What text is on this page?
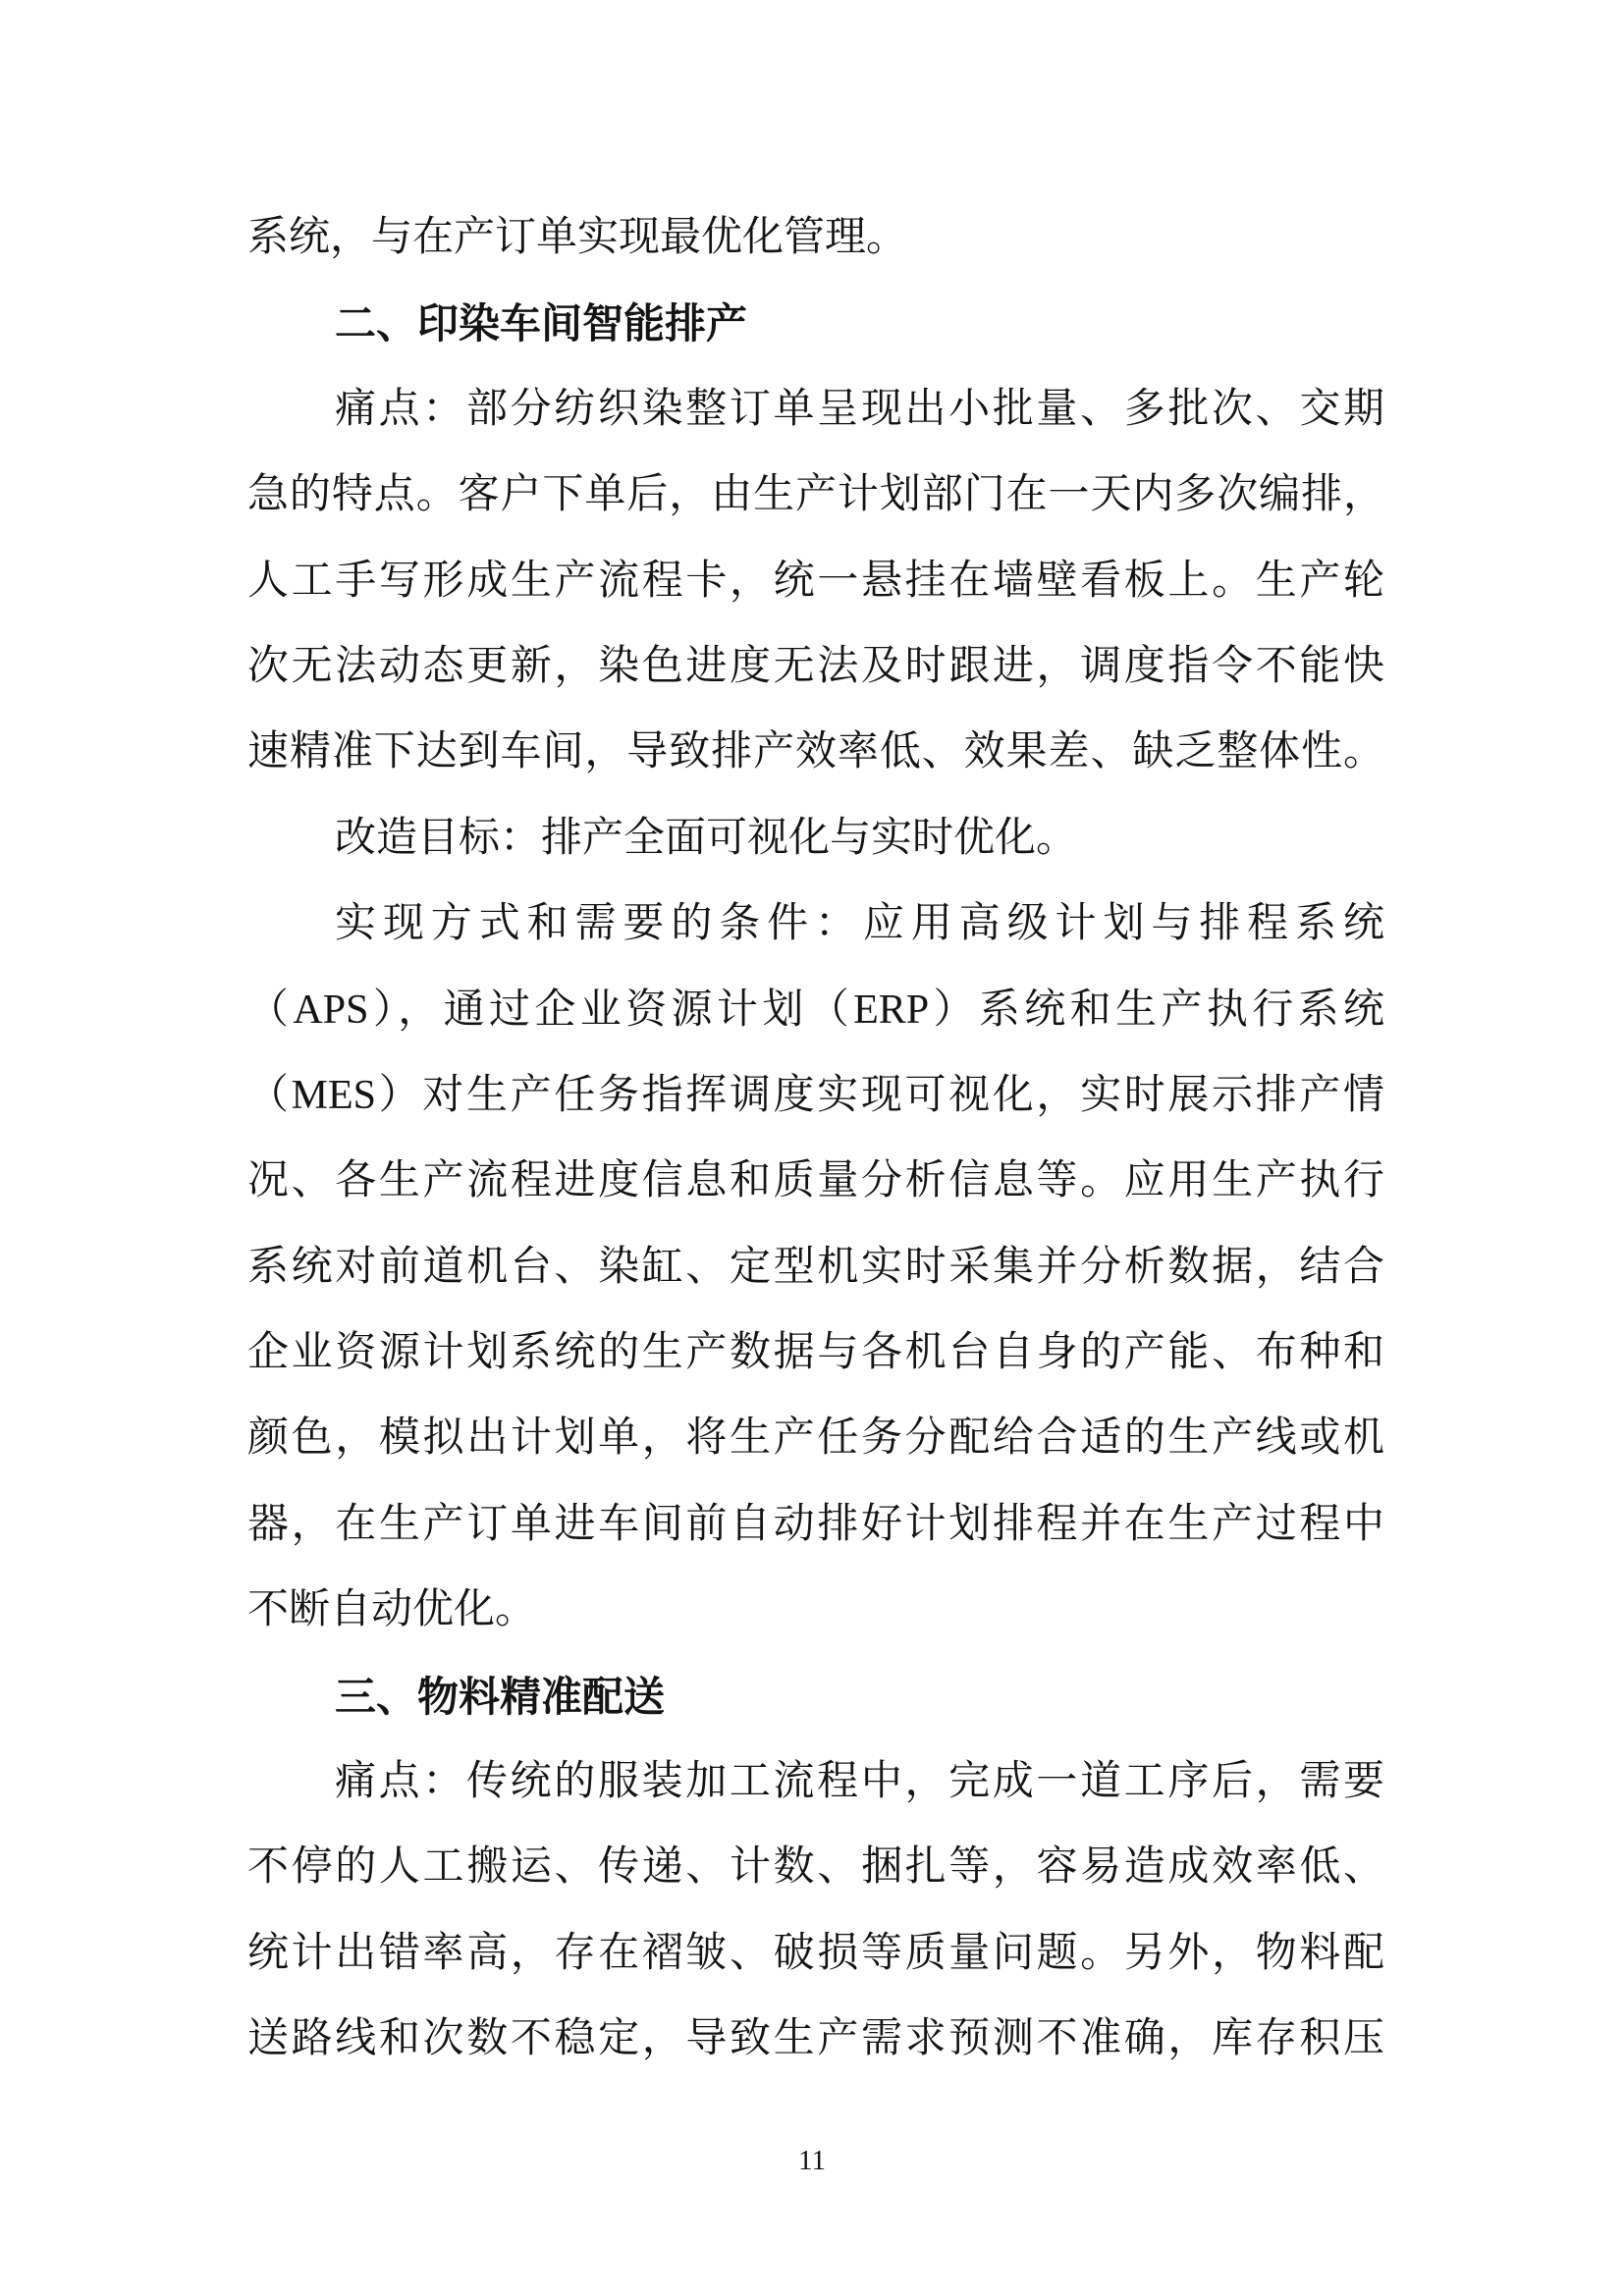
系统，与在产订单实现最优化管理。
二、印染车间智能排产
痛点：部分纺织染整订单呈现出小批量、多批次、交期
急的特点。客户下单后，由生产计划部门在一天内多次编排，
人工手写形成生产流程卡，统一悬挂在墙壁看板上。生产轮
次无法动态更新，染色进度无法及时跟进，调度指令不能快
速精准下达到车间，导致排产效率低、效果差、缺乏整体性。
改造目标：排产全面可视化与实时优化。
实现方式和需要的条件：应用高级计划与排程系统
（APS），通过企业资源计划（ERP）系统和生产执行系统
（MES）对生产任务指挥调度实现可视化，实时展示排产情
况、各生产流程进度信息和质量分析信息等。应用生产执行
系统对前道机台、染缸、定型机实时采集并分析数据，结合
企业资源计划系统的生产数据与各机台自身的产能、布种和
颜色，模拟出计划单，将生产任务分配给合适的生产线或机
器，在生产订单进车间前自动排好计划排程并在生产过程中
不断自动优化。
三、物料精准配送
痛点：传统的服装加工流程中，完成一道工序后，需要
不停的人工搬运、传递、计数、捆扎等，容易造成效率低、
统计出错率高，存在褶皱、破损等质量问题。另外，物料配
送路线和次数不稳定，导致生产需求预测不准确，库存积压
11
